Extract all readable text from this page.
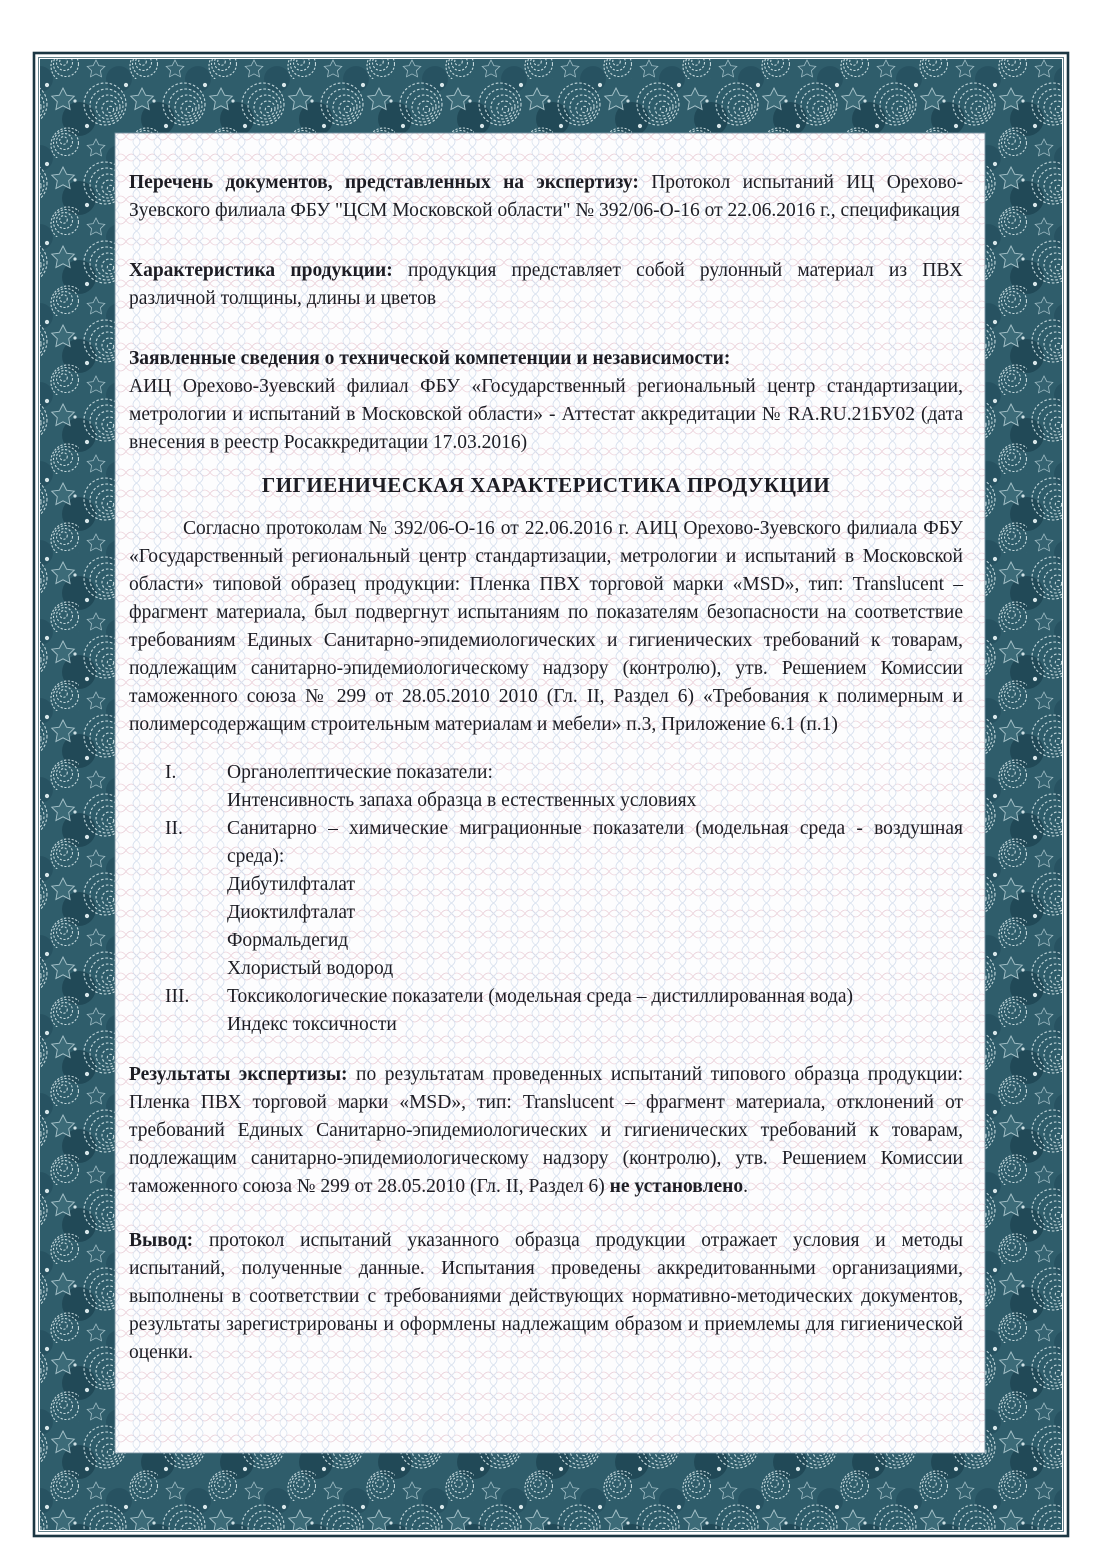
Перечень документов, представленных на экспертизу: Протокол испытаний ИЦ Орехово-Зуевского филиала ФБУ "ЦСМ Московской области" № 392/06-О-16 от 22.06.2016 г., спецификация

Характеристика продукции: продукция представляет собой рулонный материал из ПВХ различной толщины, длины и цветов

Заявленные сведения о технической компетенции и независимости:
АИЦ Орехово-Зуевский филиал ФБУ «Государственный региональный центр стандартизации, метрологии и испытаний в Московской области» - Аттестат аккредитации № RA.RU.21БУ02 (дата внесения в реестр Росаккредитации 17.03.2016)

ГИГИЕНИЧЕСКАЯ ХАРАКТЕРИСТИКА ПРОДУКЦИИ

Согласно протоколам № 392/06-О-16 от 22.06.2016 г. АИЦ Орехово-Зуевского филиала ФБУ «Государственный региональный центр стандартизации, метрологии и испытаний в Московской области» типовой образец продукции: Пленка ПВХ торговой марки «MSD», тип: Translucent – фрагмент материала, был подвергнут испытаниям по показателям безопасности на соответствие требованиям Единых Санитарно-эпидемиологических и гигиенических требований к товарам, подлежащим санитарно-эпидемиологическому надзору (контролю), утв. Решением Комиссии таможенного союза № 299 от 28.05.2010 2010 (Гл. II, Раздел 6) «Требования к полимерным и полимерсодержащим строительным материалам и мебели» п.3, Приложение 6.1 (п.1)

I.	Органолептические показатели:
Интенсивность запаха образца в естественных условиях
II.	Санитарно – химические миграционные показатели (модельная среда - воздушная среда):
Дибутилфталат
Диоктилфталат
Формальдегид
Хлористый водород
III.	Токсикологические показатели (модельная среда – дистиллированная вода)
Индекс токсичности

Результаты экспертизы: по результатам проведенных испытаний типового образца продукции: Пленка ПВХ торговой марки «MSD», тип: Translucent – фрагмент материала, отклонений от требований Единых Санитарно-эпидемиологических и гигиенических требований к товарам, подлежащим санитарно-эпидемиологическому надзору (контролю), утв. Решением Комиссии таможенного союза № 299 от 28.05.2010 (Гл. II, Раздел 6) не установлено.

Вывод: протокол испытаний указанного образца продукции отражает условия и методы испытаний, полученные данные. Испытания проведены аккредитованными организациями, выполнены в соответствии с требованиями действующих нормативно-методических документов, результаты зарегистрированы и оформлены надлежащим образом и приемлемы для гигиенической оценки.
